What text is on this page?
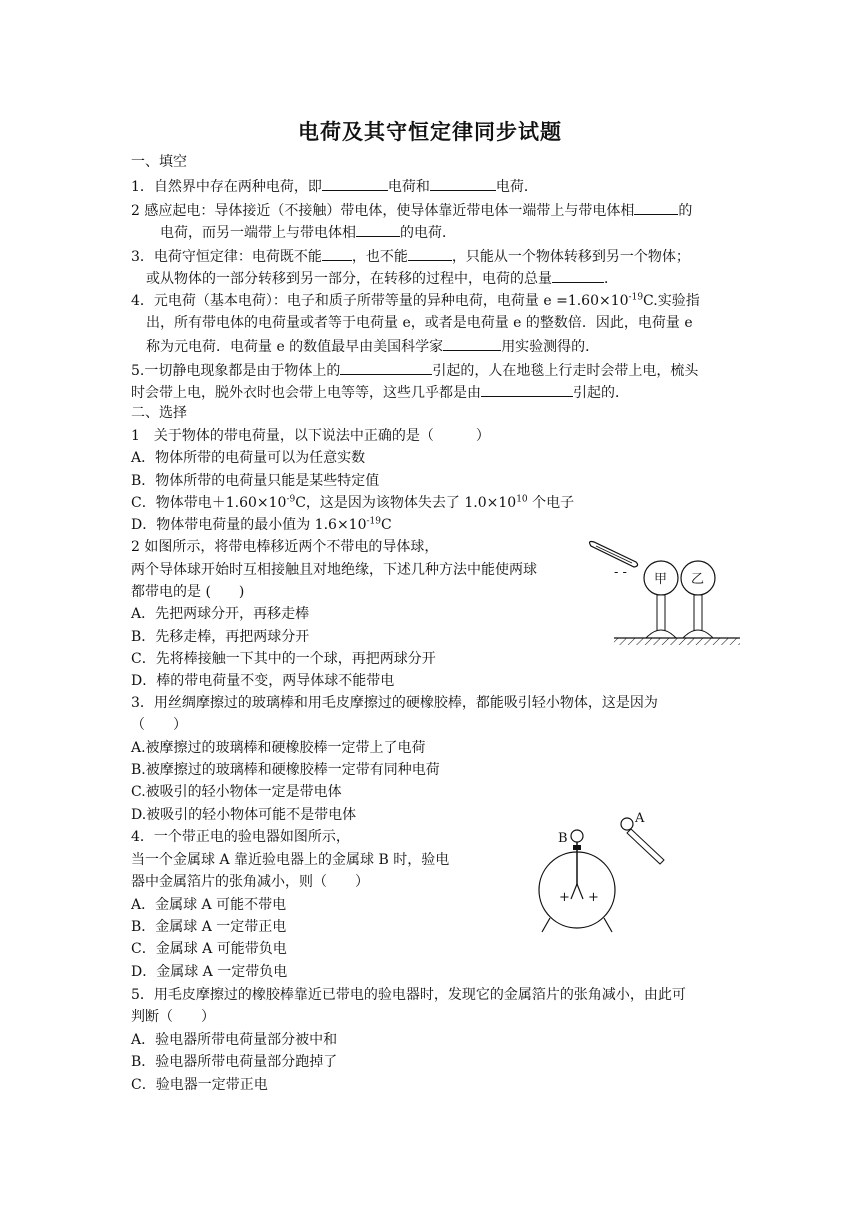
电荷及其守恒定律同步试题
一、填空
1．自然界中存在两种电荷，即	电荷和	电荷．
2 感应起电：导体接近（不接触）带电体，使导体靠近带电体一端带上与带电体相	的
电荷，而另一端带上与带电体相	的电荷．
3．电荷守恒定律：电荷既不能 ，也不能	，只能从一个物体转移到另一个物体；
或从物体的一部分转移到另一部分，在转移的过程中，电荷的总量	．
4．元电荷（基本电荷）：电子和质子所带等量的异种电荷，电荷量 $e =1.60\times 10^{-19}C$.实验指
出，所有带电体的电荷量或者等于电荷量 e，或者是电荷量 e 的整数倍．因此，电荷量 e
称为元电荷．电荷量 e 的数值最早由美国科学家	用实验测得的．
5.一切静电现象都是由于物体上的	引起的，人在地毯上行走时会带上电，梳头
时会带上电，脱外衣时也会带上电等等，这些几乎都是由	引起的．
二、选择
1　关于物体的带电荷量，以下说法中正确的是（　　　）
A．物体所带的电荷量可以为任意实数
B．物体所带的电荷量只能是某些特定值
C．物体带电$+1.60\times 10^{-9}C$，这是因为该物体失去了 $1.0\times 10^{10}$ 个电子
D．物体带电荷量的最小值为 $1.6\times 10^{-19}C$
2 如图所示，将带电棒移近两个不带电的导体球，
两个导体球开始时互相接触且对地绝缘，下述几种方法中能使两球
都带电的是 (　　)
A．先把两球分开，再移走棒
B．先移走棒，再把两球分开
C．先将棒接触一下其中的一个球，再把两球分开
D．棒的带电荷量不变，两导体球不能带电
- - 甲 乙
3．用丝绸摩擦过的玻璃棒和用毛皮摩擦过的硬橡胶棒，都能吸引轻小物体，这是因为
（　　）
A.被摩擦过的玻璃棒和硬橡胶棒一定带上了电荷
B.被摩擦过的玻璃棒和硬橡胶棒一定带有同种电荷
C.被吸引的轻小物体一定是带电体
D.被吸引的轻小物体可能不是带电体
4．一个带正电的验电器如图所示，
当一个金属球 A 靠近验电器上的金属球 B 时，验电
器中金属箔片的张角减小，则（　　）
A．金属球 A 可能不带电
B．金属球 A 一定带正电
C．金属球 A 可能带负电
D．金属球 A 一定带负电
A
B
+ +
5．用毛皮摩擦过的橡胶棒靠近已带电的验电器时，发现它的金属箔片的张角减小，由此可
判断（　　）
A．验电器所带电荷量部分被中和
B．验电器所带电荷量部分跑掉了
C．验电器一定带正电
